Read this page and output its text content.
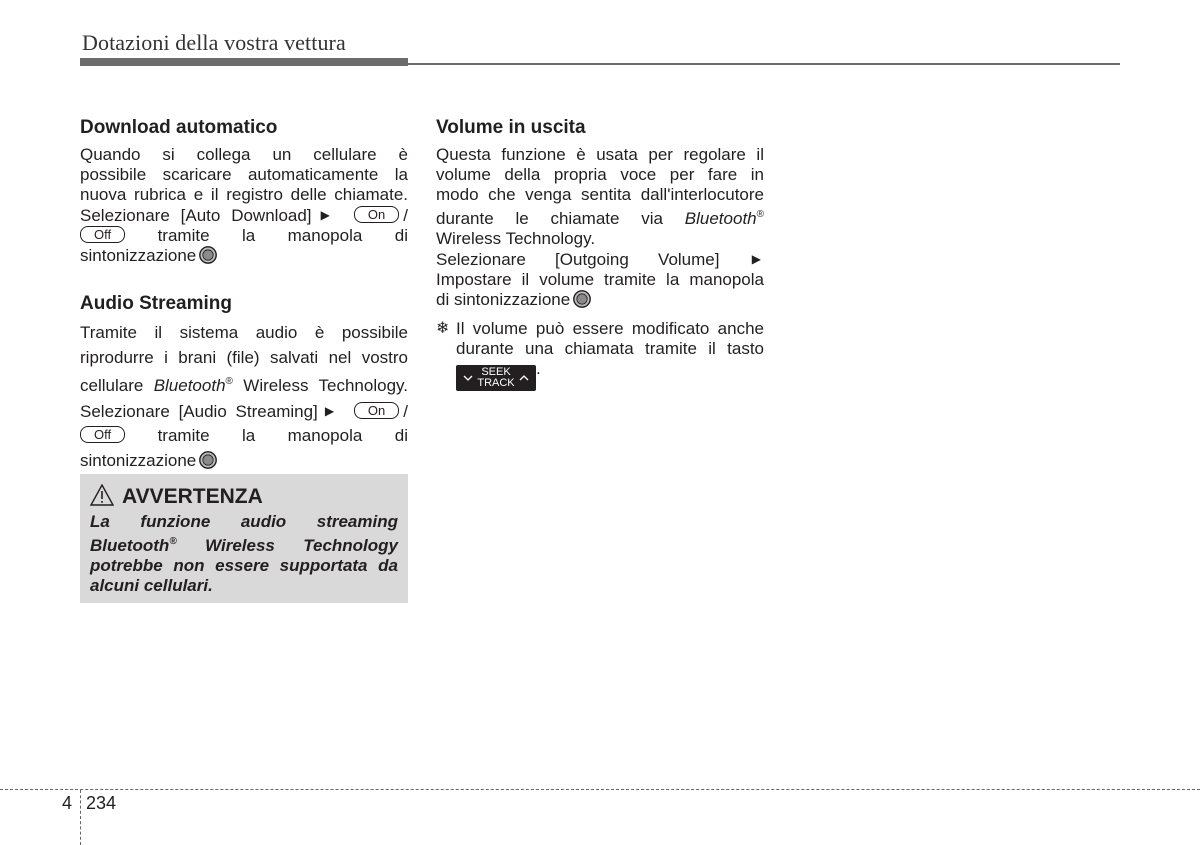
Dotazioni della vostra vettura
Download automatico

Quando si collega un cellulare è

possibile scaricare automaticamente la

nuova rubrica e il registro delle chiamate.

Selezionare [Auto Download] ▶ On /

Off	tramite la manopola di

sintonizzazione

Audio Streaming

Tramite il sistema audio è possibile

riprodurre i brani (file) salvati nel vostro

cellulare Bluetooth® Wireless Technology.

Selezionare [Audio Streaming] ▶ On /

Off	tramite la manopola di

sintonizzazione

AVVERTENZA

La funzione audio streaming

Bluetooth® Wireless Technology

potrebbe non essere supportata da

alcuni cellulari.

Volume in uscita

Questa funzione è usata per regolare il

volume della propria voce per fare in

modo che venga sentita dall'interlocutore

durante le chiamate via Bluetooth®

Wireless Technology.

Selezionare [Outgoing Volume]	▶

Impostare il volume tramite la manopola

di sintonizzazione

❄ Il volume può essere modificato anche

durante una chiamata tramite il tasto

SEEK
TRACK
.

4 234
